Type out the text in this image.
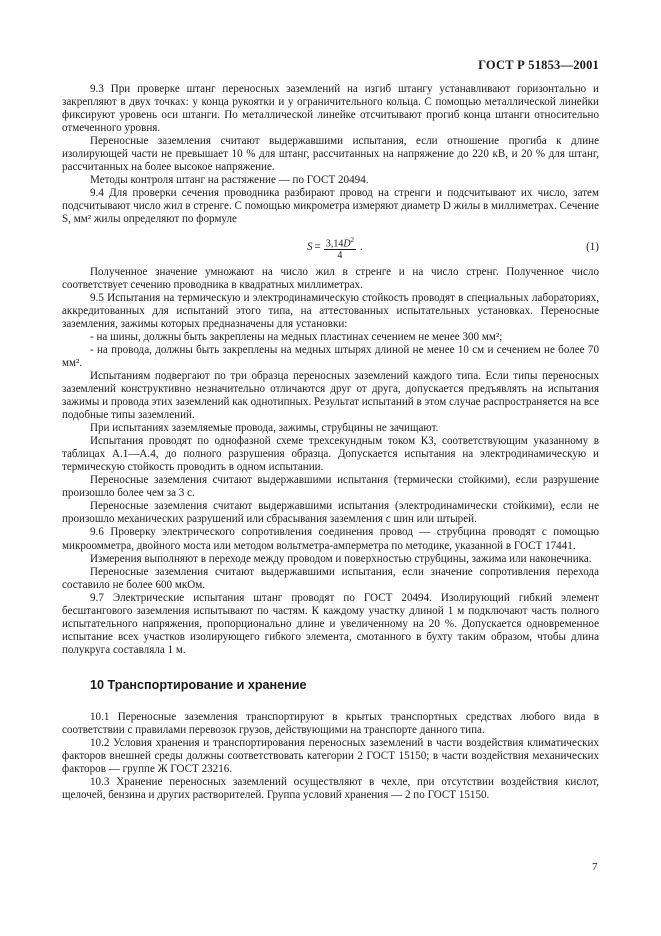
ГОСТ Р 51853—2001

9.3 При проверке штанг переносных заземлений на изгиб штангу устанавливают горизонтально и закрепляют в двух точках: у конца рукоятки и у ограничительного кольца. С помощью металлической линейки фиксируют уровень оси штанги. По металлической линейке отсчитывают прогиб конца штанги относительно отмеченного уровня.

Переносные заземления считают выдержавшими испытания, если отношение прогиба к длине изолирующей части не превышает 10 % для штанг, рассчитанных на напряжение до 220 кВ, и 20 % для штанг, рассчитанных на более высокое напряжение.

Методы контроля штанг на растяжение — по ГОСТ 20494.

9.4 Для проверки сечения проводника разбирают провод на стренги и подсчитывают их число, затем подсчитывают число жил в стренге. С помощью микрометра измеряют диаметр D жилы в миллиметрах. Сечение S, мм² жилы определяют по формуле

$S = \frac{3,14D^2}{4}$ .	(1)

Полученное значение умножают на число жил в стренге и на число стренг. Полученное число соответствует сечению проводника в квадратных миллиметрах.

9.5 Испытания на термическую и электродинамическую стойкость проводят в специальных лабораториях, аккредитованных для испытаний этого типа, на аттестованных испытательных установках. Переносные заземления, зажимы которых предназначены для установки:

- на шины, должны быть закреплены на медных пластинах сечением не менее 300 мм²;

- на провода, должны быть закреплены на медных штырях длиной не менее 10 см и сечением не более 70 мм².

Испытаниям подвергают по три образца переносных заземлений каждого типа. Если типы переносных заземлений конструктивно незначительно отличаются друг от друга, допускается предъявлять на испытания зажимы и провода этих заземлений как однотипных. Результат испытаний в этом случае распространяется на все подобные типы заземлений.

При испытаниях заземляемые провода, зажимы, струбцины не зачищают.

Испытания проводят по однофазной схеме трехсекундным током КЗ, соответствующим указанному в таблицах А.1—А.4, до полного разрушения образца. Допускается испытания на электродинамическую и термическую стойкость проводить в одном испытании.

Переносные заземления считают выдержавшими испытания (термически стойкими), если разрушение произошло более чем за 3 с.

Переносные заземления считают выдержавшими испытания (электродинамически стойкими), если не произошло механических разрушений или сбрасывания заземления с шин или штырей.

9.6 Проверку электрического сопротивления соединения провод — струбцина проводят с помощью микроомметра, двойного моста или методом вольтметра-амперметра по методике, указанной в ГОСТ 17441.

Измерения выполняют в переходе между проводом и поверхностью струбцины, зажима или наконечника.

Переносные заземления считают выдержавшими испытания, если значение сопротивления перехода составило не более 600 мкОм.

9.7 Электрические испытания штанг проводят по ГОСТ 20494. Изолирующий гибкий элемент бесштангового заземления испытывают по частям. К каждому участку длиной 1 м подключают часть полного испытательного напряжения, пропорционально длине и увеличенному на 20 %. Допускается одновременное испытание всех участков изолирующего гибкого элемента, смотанного в бухту таким образом, чтобы длина полукруга составляла 1 м.

10 Транспортирование и хранение

10.1 Переносные заземления транспортируют в крытых транспортных средствах любого вида в соответствии с правилами перевозок грузов, действующими на транспорте данного типа.

10.2 Условия хранения и транспортирования переносных заземлений в части воздействия климатических факторов внешней среды должны соответствовать категории 2 ГОСТ 15150; в части воздействия механических факторов — группе Ж ГОСТ 23216.

10.3 Хранение переносных заземлений осуществляют в чехле, при отсутствии воздействия кислот, щелочей, бензина и других растворителей. Группа условий хранения — 2 по ГОСТ 15150.

7
